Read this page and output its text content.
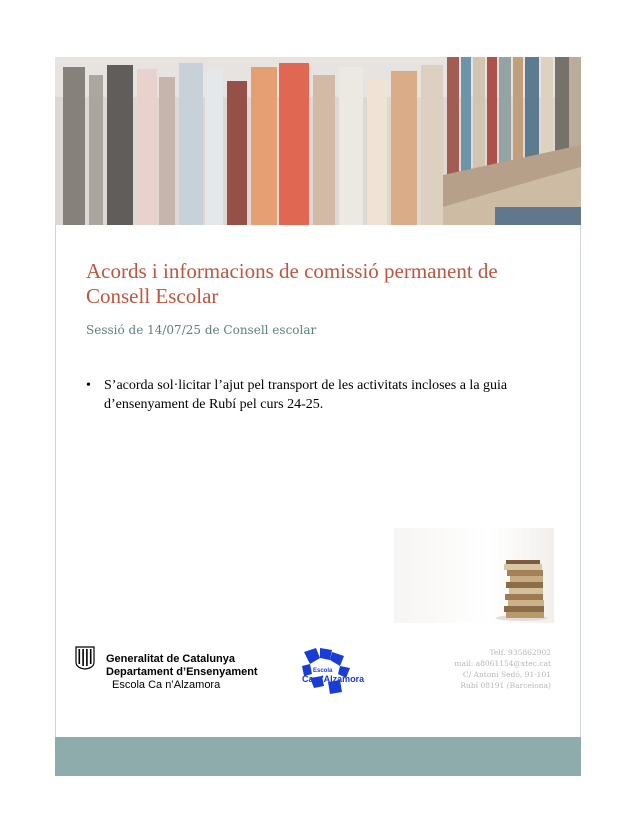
Acords i informacions de comissió permanent de Consell Escolar
Sessió de 14/07/25 de Consell escolar
• S’acorda sol·licitar l’ajut pel transport de les activitats incloses a la guia d’ensenyament de Rubí pel curs 24-25.
Generalitat de Catalunya
Departament d’Ensenyament

Escola Ca n’Alzamora
Escola
Ca n'Alzamora
Telf. 935862902
mail: a8061154@xtec.cat
C/ Antoni Sedó, 91-101
Rubí 08191 (Barcelona)
